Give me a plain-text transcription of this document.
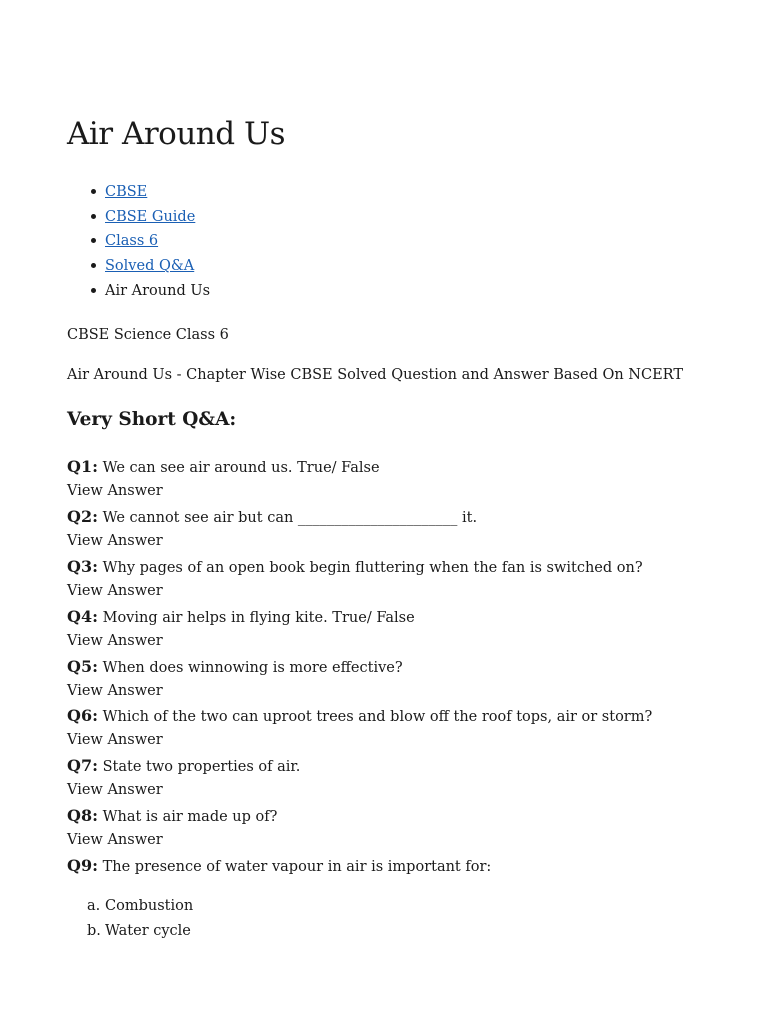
Air Around Us
CBSE
CBSE Guide
Class 6
Solved Q&A
Air Around Us

CBSE Science Class 6

Air Around Us - Chapter Wise CBSE Solved Question and Answer Based On NCERT

Very Short Q&A:
Q1: We can see air around us. True/ False
View Answer
Q2: We cannot see air but can ______________________ it.
View Answer
Q3: Why pages of an open book begin fluttering when the fan is switched on?
View Answer
Q4: Moving air helps in flying kite. True/ False
View Answer
Q5: When does winnowing is more effective?
View Answer
Q6: Which of the two can uproot trees and blow off the roof tops, air or storm?
View Answer
Q7: State two properties of air.
View Answer
Q8: What is air made up of?
View Answer
Q9: The presence of water vapour in air is important for:
a. Combustion
b. Water cycle
